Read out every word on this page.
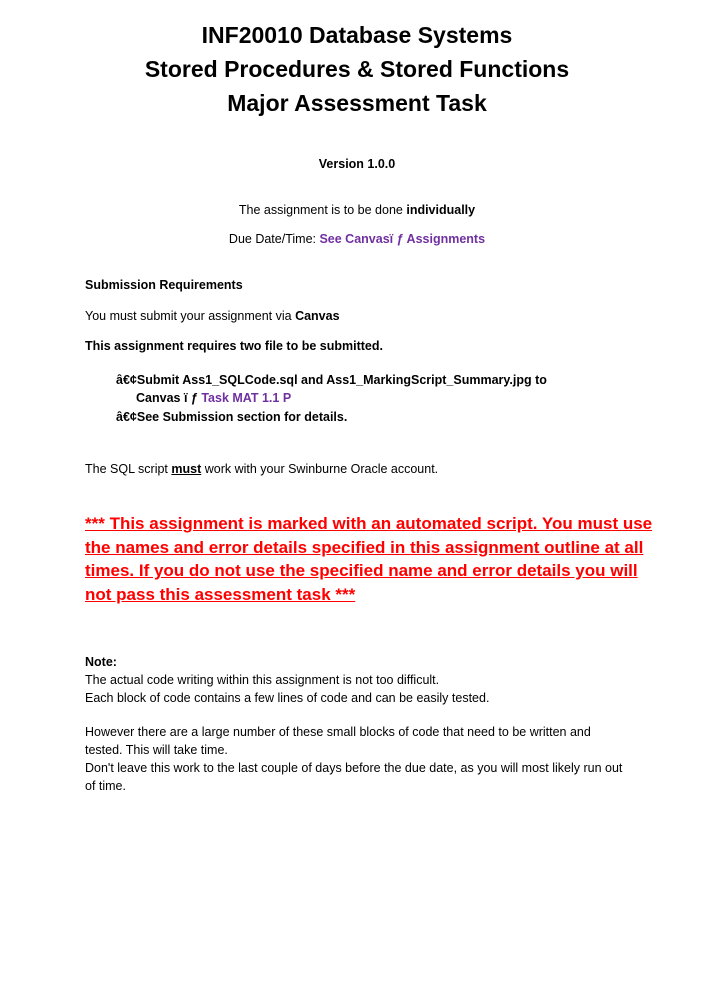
INF20010 Database Systems
Stored Procedures & Stored Functions
Major Assessment Task
Version 1.0.0
The assignment is to be done individually
Due Date/Time: See Canvasï ƒ Assignments
Submission Requirements
You must submit your assignment via Canvas
This assignment requires two file to be submitted.
â€¢Submit Ass1_SQLCode.sql and Ass1_MarkingScript_Summary.jpg to
Canvas ï ƒ Task MAT 1.1 P
â€¢See Submission section for details.
The SQL script must work with your Swinburne Oracle account.
*** This assignment is marked with an automated script. You must use
the names and error details specified in this assignment outline at all
times. If you do not use the specified name and error details you will
not pass this assessment task ***

Note:

The actual code writing within this assignment is not too difficult.

Each block of code contains a few lines of code and can be easily tested.

However there are a large number of these small blocks of code that need to be written and

tested. This will take time.

Don't leave this work to the last couple of days before the due date, as you will most likely run out

of time.
